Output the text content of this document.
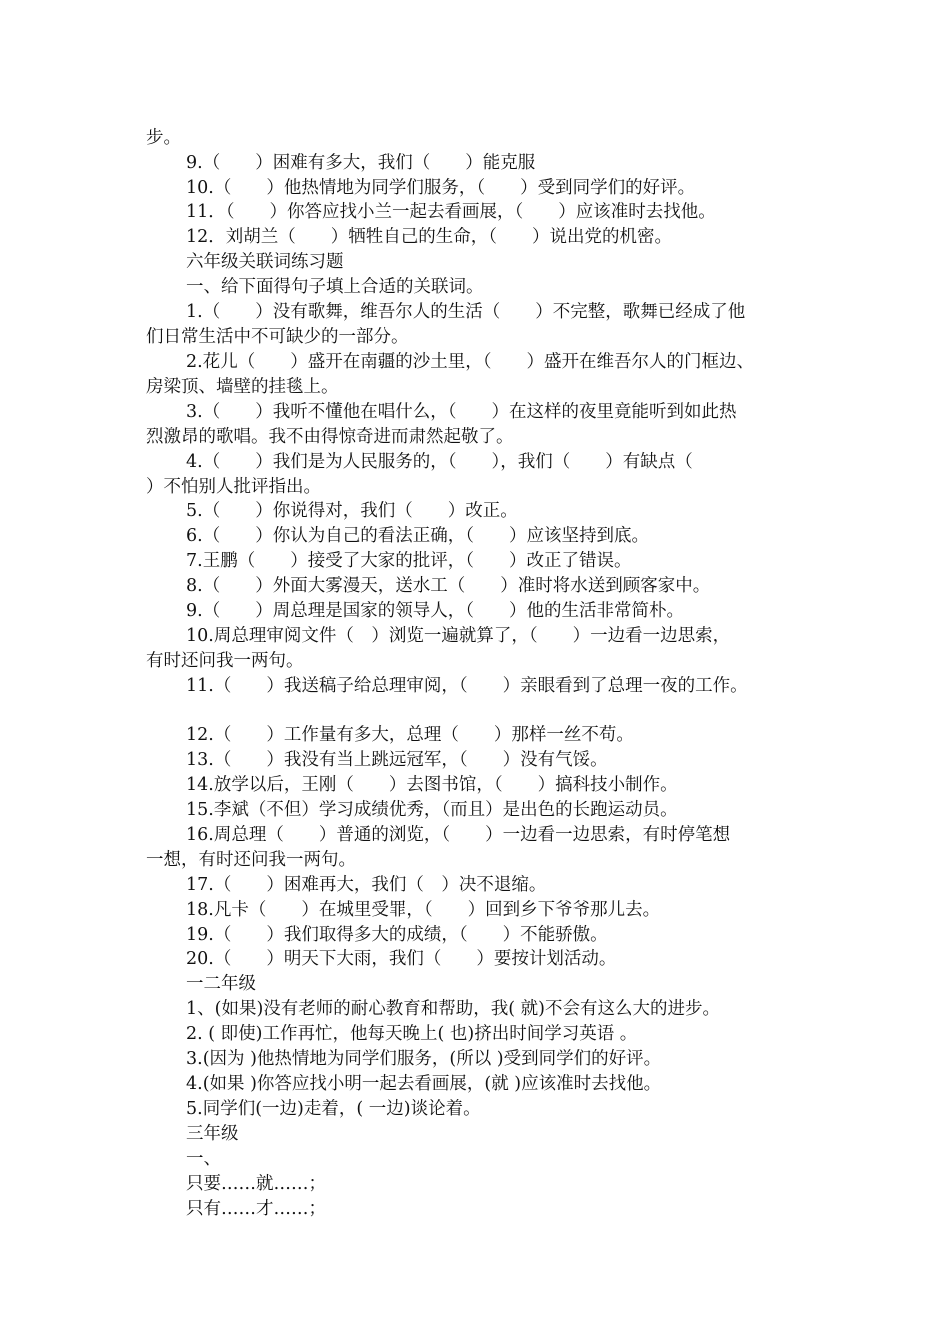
步。
9.（　　）困难有多大，我们（　　）能克服
10.（　　）他热情地为同学们服务，（　　）受到同学们的好评。
11．（　　）你答应找小兰一起去看画展，（　　）应该准时去找他。
12．刘胡兰（　　）牺牲自己的生命，（　　）说出党的机密。
六年级关联词练习题
一、给下面得句子填上合适的关联词。
1.（　　）没有歌舞，维吾尔人的生活（　　）不完整，歌舞已经成了他
们日常生活中不可缺少的一部分。
2.花儿（　　）盛开在南疆的沙土里，（　　）盛开在维吾尔人的门框边、
房梁顶、墙壁的挂毯上。
3.（　　）我听不懂他在唱什么，（　　）在这样的夜里竟能听到如此热
烈激昂的歌唱。我不由得惊奇进而肃然起敬了。
4.（　　）我们是为人民服务的，（　　），我们（　　）有缺点（
）不怕别人批评指出。
5.（　　）你说得对，我们（　　）改正。
6.（　　）你认为自己的看法正确，（　　）应该坚持到底。
7.王鹏（　　）接受了大家的批评，（　　）改正了错误。
8.（　　）外面大雾漫天，送水工（　　）准时将水送到顾客家中。
9.（　　）周总理是国家的领导人，（　　）他的生活非常简朴。
10.周总理审阅文件（　）浏览一遍就算了，（　　）一边看一边思索，
有时还问我一两句。
11.（　　）我送稿子给总理审阅，（　　）亲眼看到了总理一夜的工作。
12.（　　）工作量有多大，总理（　　）那样一丝不苟。
13.（　　）我没有当上跳远冠军，（　　）没有气馁。
14.放学以后，王刚（　　）去图书馆，（　　）搞科技小制作。
15.李斌（不但）学习成绩优秀，（而且）是出色的长跑运动员。
16.周总理（　　）普通的浏览，（　　）一边看一边思索，有时停笔想
一想，有时还问我一两句。
17.（　　）困难再大，我们（　）决不退缩。
18.凡卡（　　）在城里受罪，（　　）回到乡下爷爷那儿去。
19.（　　）我们取得多大的成绩，（　　）不能骄傲。
20.（　　）明天下大雨，我们（　　）要按计划活动。
一二年级
1、(如果)没有老师的耐心教育和帮助，我( 就)不会有这么大的进步。
2. ( 即使)工作再忙，他每天晚上( 也)挤出时间学习英语 。
3.(因为 )他热情地为同学们服务，(所以 )受到同学们的好评。
4.(如果 )你答应找小明一起去看画展，(就 )应该准时去找他。
5.同学们(一边)走着，( 一边)谈论着。
三年级
一、
只要……就……；
只有……才……；
